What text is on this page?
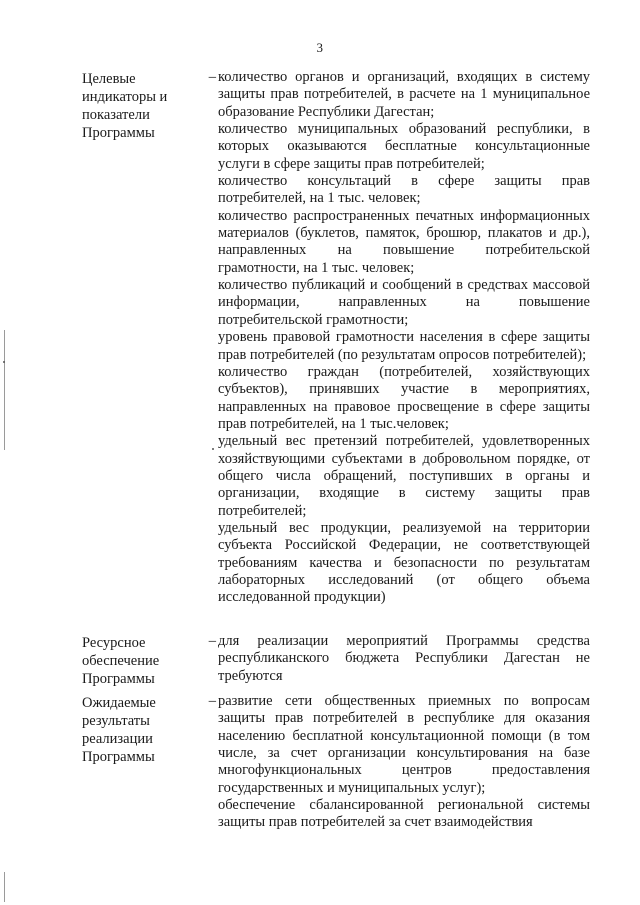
3
Целевые индикаторы и показатели Программы
– количество органов и организаций, входящих в систему защиты прав потребителей, в расчете на 1 муниципальное образование Республики Дагестан;

количество муниципальных образований республики, в которых оказываются бесплатные консультационные услуги в сфере защиты прав потребителей;

количество консультаций в сфере защиты прав потребителей, на 1 тыс. человек;

количество распространенных печатных информационных материалов (буклетов, памяток, брошюр, плакатов и др.), направленных на повышение потребительской грамотности, на 1 тыс. человек;

количество публикаций и сообщений в средствах массовой информации, направленных на повышение потребительской грамотности;

уровень правовой грамотности населения в сфере защиты прав потребителей (по результатам опросов потребителей);

количество граждан (потребителей, хозяйствующих субъектов), принявших участие в мероприятиях, направленных на правовое просвещение в сфере защиты прав потребителей, на 1 тыс.человек;

удельный вес претензий потребителей, удовлетворенных хозяйствующими субъектами в добровольном порядке, от общего числа обращений, поступивших в органы и организации, входящие в систему защиты прав потребителей;

удельный вес продукции, реализуемой на территории субъекта Российской Федерации, не соответствующей требованиям качества и безопасности по результатам лабораторных исследований (от общего объема исследованной продукции)

Ресурсное обеспечение Программы
– для реализации мероприятий Программы средства республиканского бюджета Республики Дагестан не требуются

Ожидаемые результаты реализации Программы
– развитие сети общественных приемных по вопросам защиты прав потребителей в республике для оказания населению бесплатной консультационной помощи (в том числе, за счет организации консультирования на базе многофункциональных центров предоставления государственных и муниципальных услуг);

обеспечение сбалансированной региональной системы защиты прав потребителей за счет взаимодействия
